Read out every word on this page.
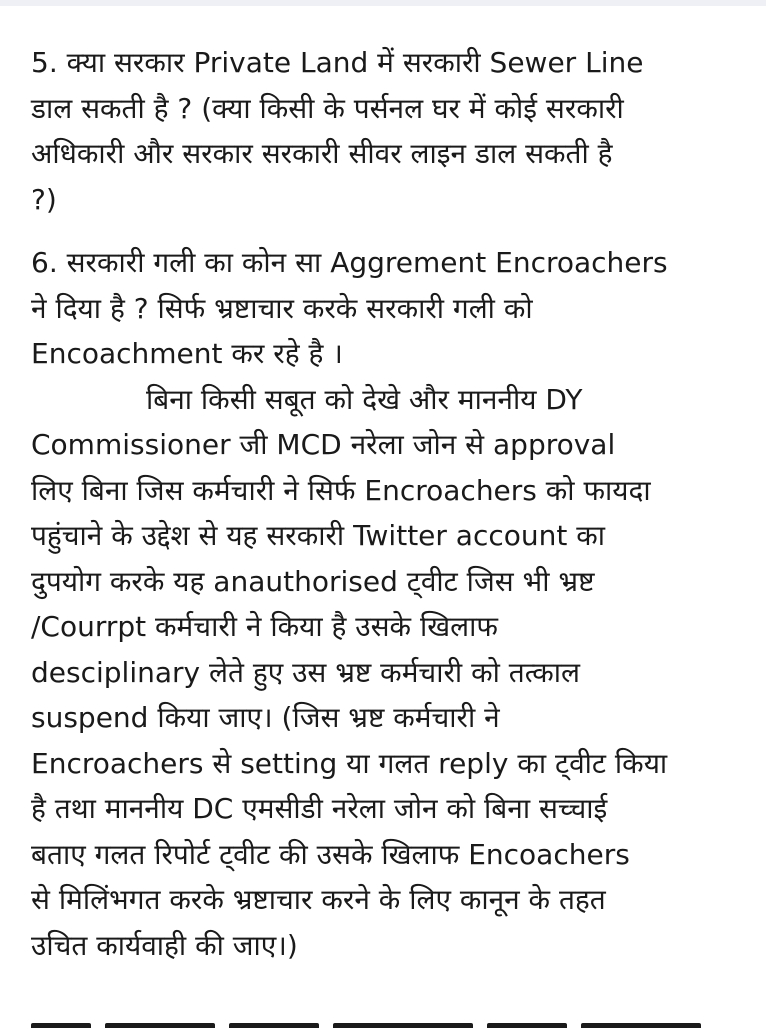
5. क्या सरकार Private Land में सरकारी Sewer Line
डाल सकती है ? (क्या किसी के पर्सनल घर में कोई सरकारी
अधिकारी और सरकार सरकारी सीवर लाइन डाल सकती है
?)
6. सरकारी गली का कोन सा Aggrement Encroachers
ने दिया है ? सिर्फ भ्रष्टाचार करके सरकारी गली को
Encoachment कर रहे है ।
बिना किसी सबूत को देखे और माननीय DY
Commissioner जी MCD नरेला जोन से approval
लिए बिना जिस कर्मचारी ने सिर्फ Encroachers को फायदा
पहुंचाने के उद्देश से यह सरकारी Twitter account का
दुपयोग करके यह anauthorised ट्वीट जिस भी भ्रष्ट
/Courrpt कर्मचारी ने किया है उसके खिलाफ
desciplinary लेते हुए उस भ्रष्ट कर्मचारी को तत्काल
suspend किया जाए। (जिस भ्रष्ट कर्मचारी ने
Encroachers से setting या गलत reply का ट्वीट किया
है तथा माननीय DC एमसीडी नरेला जोन को बिना सच्चाई
बताए गलत रिपोर्ट ट्वीट की उसके खिलाफ Encoachers
से मिलिंभगत करके भ्रष्टाचार करने के लिए कानून के तहत
उचित कार्यवाही की जाए।)
